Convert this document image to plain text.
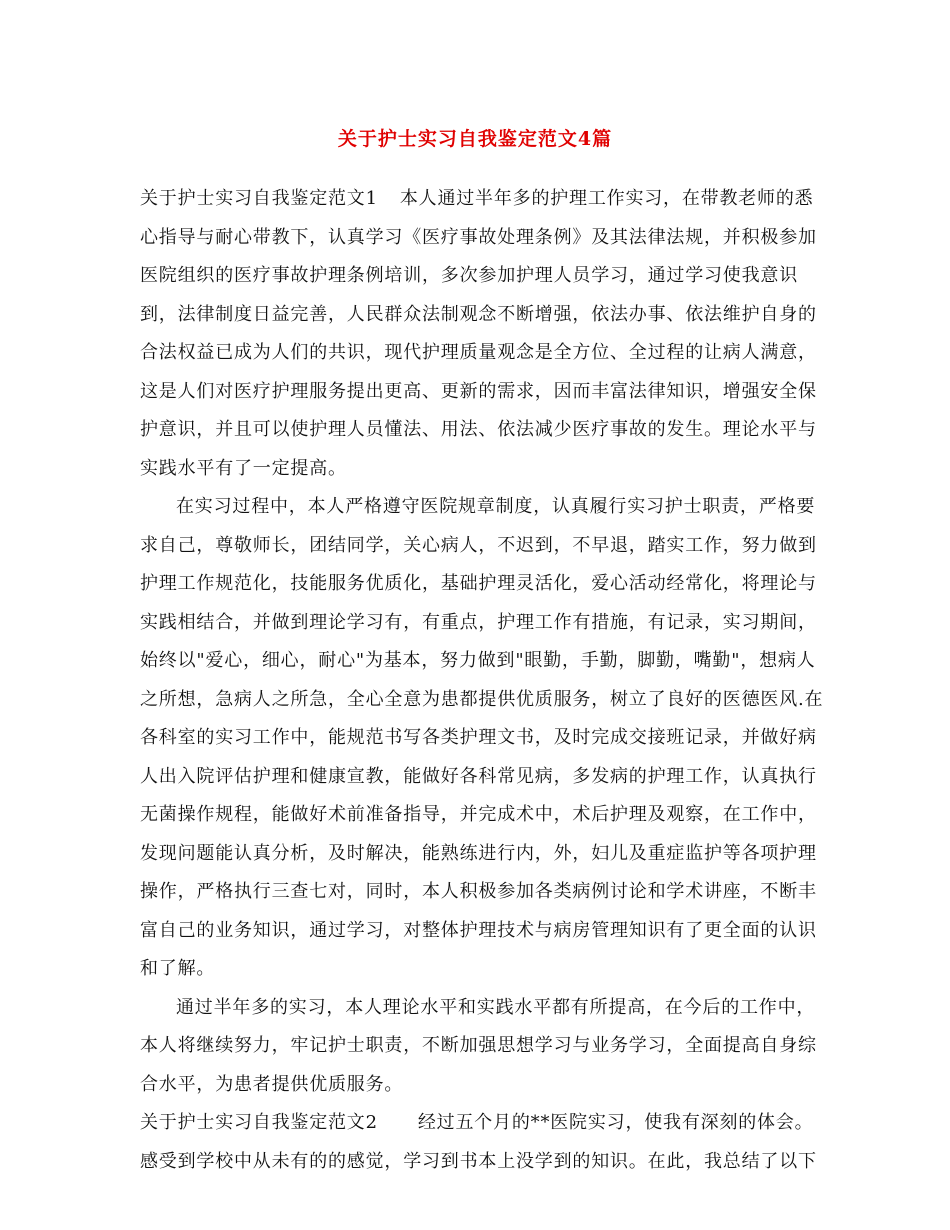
关于护士实习自我鉴定范文4篇

关于护士实习自我鉴定范文1 本人通过半年多的护理工作实习，在带教老师的悉心指导与耐心带教下，认真学习《医疗事故处理条例》及其法律法规，并积极参加医院组织的医疗事故护理条例培训，多次参加护理人员学习，通过学习使我意识到，法律制度日益完善，人民群众法制观念不断增强，依法办事、依法维护自身的合法权益已成为人们的共识，现代护理质量观念是全方位、全过程的让病人满意，这是人们对医疗护理服务提出更高、更新的需求，因而丰富法律知识，增强安全保护意识，并且可以使护理人员懂法、用法、依法减少医疗事故的发生。理论水平与实践水平有了一定提高。

在实习过程中，本人严格遵守医院规章制度，认真履行实习护士职责，严格要求自己，尊敬师长，团结同学，关心病人，不迟到，不早退，踏实工作，努力做到护理工作规范化，技能服务优质化，基础护理灵活化，爱心活动经常化，将理论与实践相结合，并做到理论学习有，有重点，护理工作有措施，有记录，实习期间，始终以"爱心，细心，耐心"为基本，努力做到"眼勤，手勤，脚勤，嘴勤"，想病人之所想，急病人之所急，全心全意为患都提供优质服务，树立了良好的医德医风.在各科室的实习工作中，能规范书写各类护理文书，及时完成交接班记录，并做好病人出入院评估护理和健康宣教，能做好各科常见病，多发病的护理工作，认真执行无菌操作规程，能做好术前准备指导，并完成术中，术后护理及观察，在工作中，发现问题能认真分析，及时解决，能熟练进行内，外，妇儿及重症监护等各项护理操作，严格执行三查七对，同时，本人积极参加各类病例讨论和学术讲座，不断丰富自己的业务知识，通过学习，对整体护理技术与病房管理知识有了更全面的认识和了解。

通过半年多的实习，本人理论水平和实践水平都有所提高，在今后的工作中，本人将继续努力，牢记护士职责，不断加强思想学习与业务学习，全面提高自身综合水平，为患者提供优质服务。

关于护士实习自我鉴定范文2 经过五个月的**医院实习，使我有深刻的体会。感受到学校中从未有的的感觉，学习到书本上没学到的知识。在此，我总结了以下
